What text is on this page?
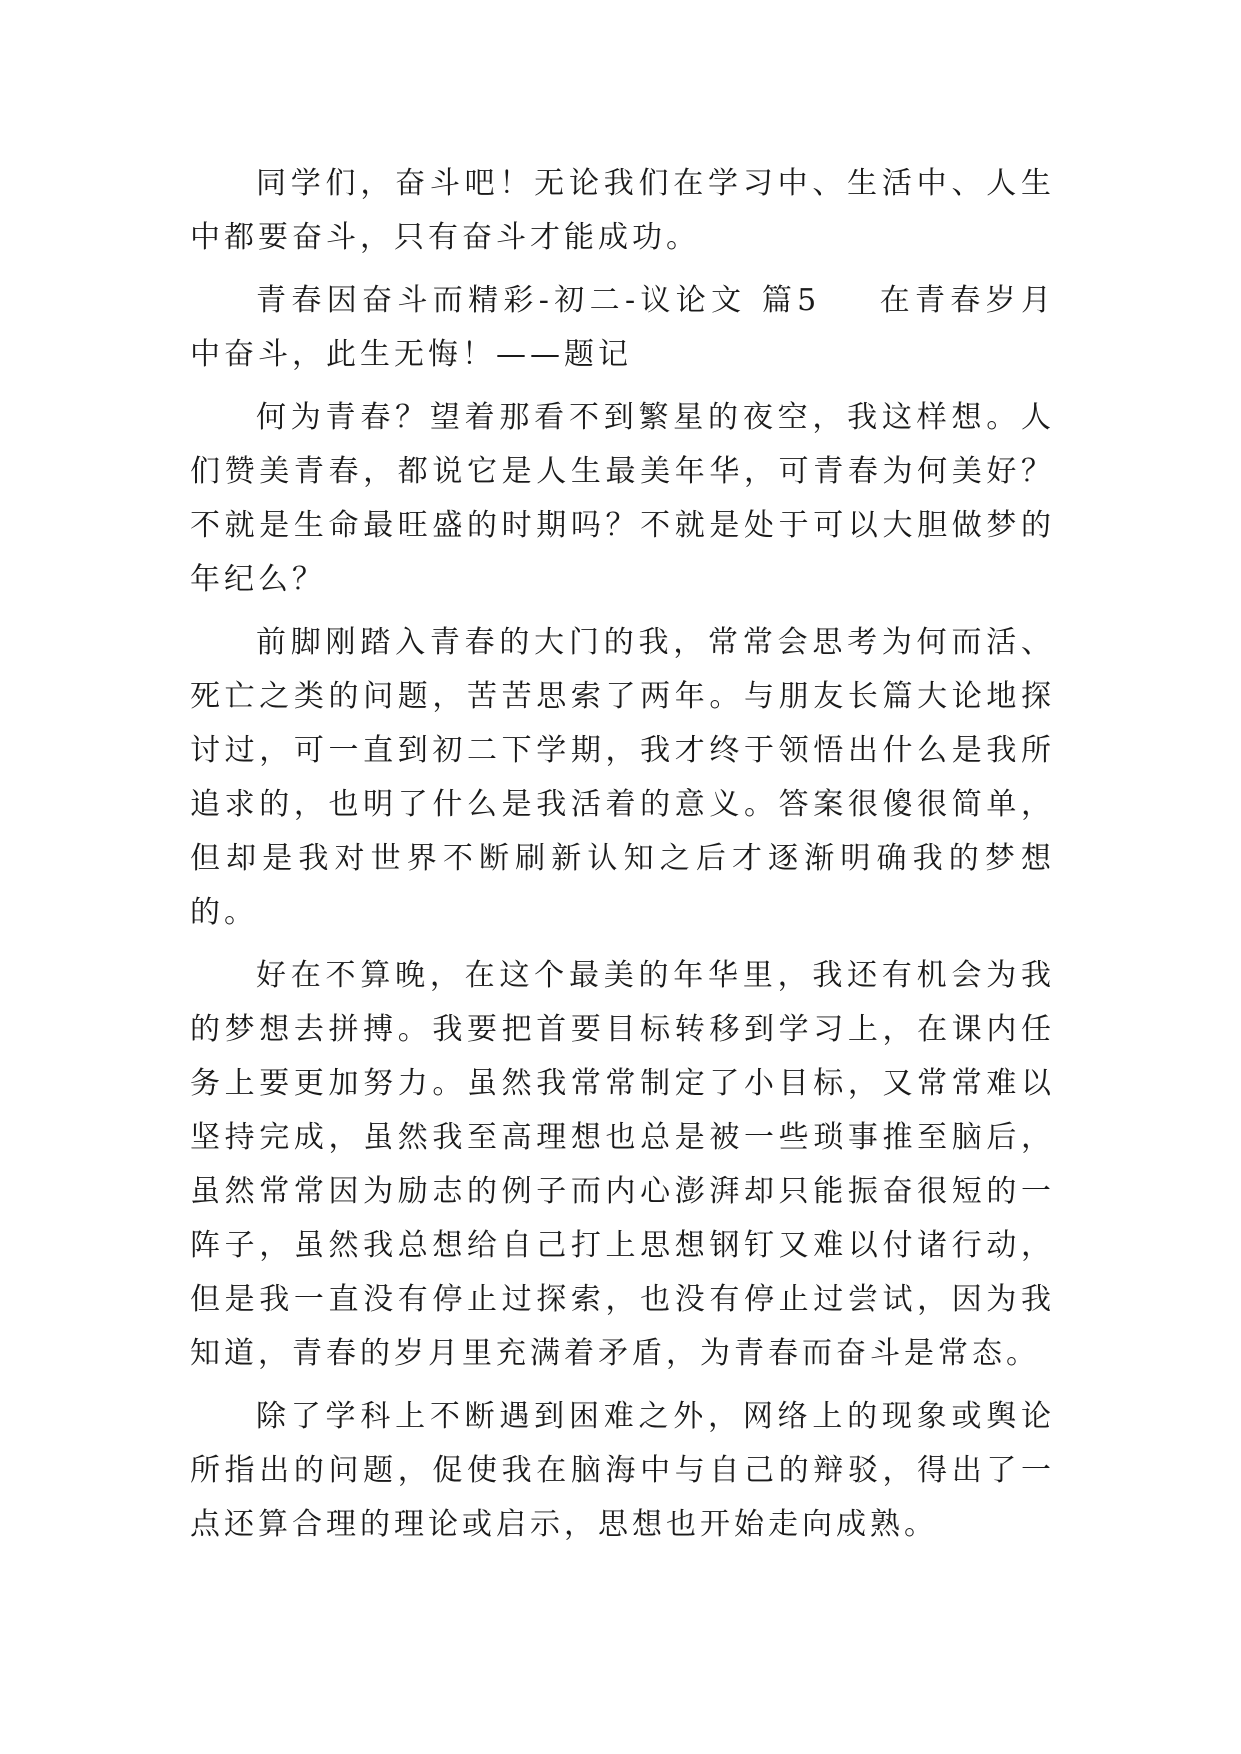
同学们，奋斗吧！无论我们在学习中、生活中、人生中都要奋斗，只有奋斗才能成功。

青春因奋斗而精彩-初二-议论文 篇5 在青春岁月中奋斗，此生无悔！——题记

何为青春？望着那看不到繁星的夜空，我这样想。人们赞美青春，都说它是人生最美年华，可青春为何美好？不就是生命最旺盛的时期吗？不就是处于可以大胆做梦的年纪么？

前脚刚踏入青春的大门的我，常常会思考为何而活、死亡之类的问题，苦苦思索了两年。与朋友长篇大论地探讨过，可一直到初二下学期，我才终于领悟出什么是我所追求的，也明了什么是我活着的意义。答案很傻很简单，但却是我对世界不断刷新认知之后才逐渐明确我的梦想的。

好在不算晚，在这个最美的年华里，我还有机会为我的梦想去拼搏。我要把首要目标转移到学习上，在课内任务上要更加努力。虽然我常常制定了小目标，又常常难以坚持完成，虽然我至高理想也总是被一些琐事推至脑后，虽然常常因为励志的例子而内心澎湃却只能振奋很短的一阵子，虽然我总想给自己打上思想钢钉又难以付诸行动，但是我一直没有停止过探索，也没有停止过尝试，因为我知道，青春的岁月里充满着矛盾，为青春而奋斗是常态。

除了学科上不断遇到困难之外，网络上的现象或舆论所指出的问题，促使我在脑海中与自己的辩驳，得出了一点还算合理的理论或启示，思想也开始走向成熟。
